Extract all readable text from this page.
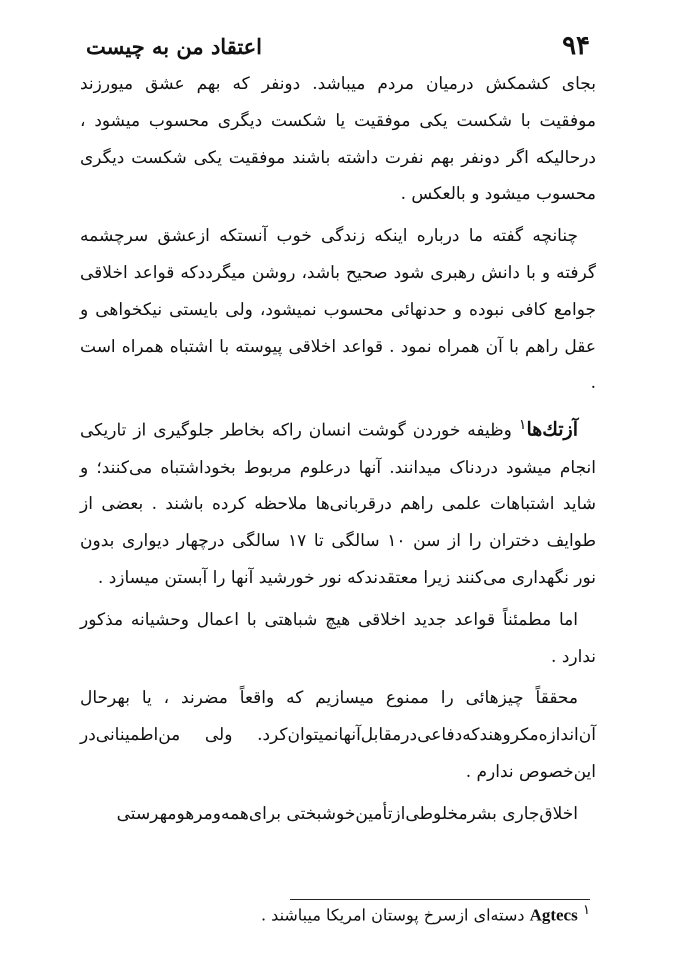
۹۴
اعتقاد من به چیست

بجای کشمکش درمیان مردم میباشد. دونفر که بهم عشق میورزند موفقیت با شکست یکی موفقیت یا شکست دیگری محسوب میشود ، درحالیکه اگر دونفر بهم نفرت داشته باشند موفقیت یکی شکست دیگری محسوب میشود و بالعکس .

چنانچه گفته ما درباره اینکه زندگی خوب آنستکه ازعشق سرچشمه گرفته و با دانش رهبری شود صحیح باشد، روشن میگرددکه قواعد اخلاقی جوامع کافی نبوده و حدنهائی محسوب نمیشود، ولی بایستی نیکخواهی و عقل راهم با آن همراه نمود . قواعد اخلاقی پیوسته با اشتباه همراه است .

آزتك‌ها$^۱$ وظیفه خوردن گوشت انسان راکه بخاطر جلوگیری از تاریکی انجام میشود دردناک میدانند. آنها درعلوم مربوط بخوداشتباه می‌کنند؛ و شاید اشتباهات علمی راهم درقربانی‌ها ملاحظه کرده باشند . بعضی از طوایف دختران را از سن ۱۰ سالگی تا ۱۷ سالگی درچهار دیواری بدون نور نگهداری می‌کنند زیرا معتقدندکه نور خورشید آنها را آبستن میسازد .

اما مطمئناً قواعد جدید اخلاقی هیچ شباهتی با اعمال وحشیانه مذکور ندارد .

محققاً چیزهائی را ممنوع میسازیم که واقعاً مضرند ، یا بهرحال آن‌اندازه‌مکروهندکه‌دفاعی‌درمقابل‌آنها‌نمیتوان‌کرد. ولی من‌اطمینانی‌در این‌خصوص ندارم .

اخلاق‌جاری بشرمخلوطی‌ازتأمین‌خوشبختی برای‌همه‌و‌مرهو‌مهرستی

$^۱$ Agtecs دسته‌ای ازسرخ پوستان امریکا میباشند .
